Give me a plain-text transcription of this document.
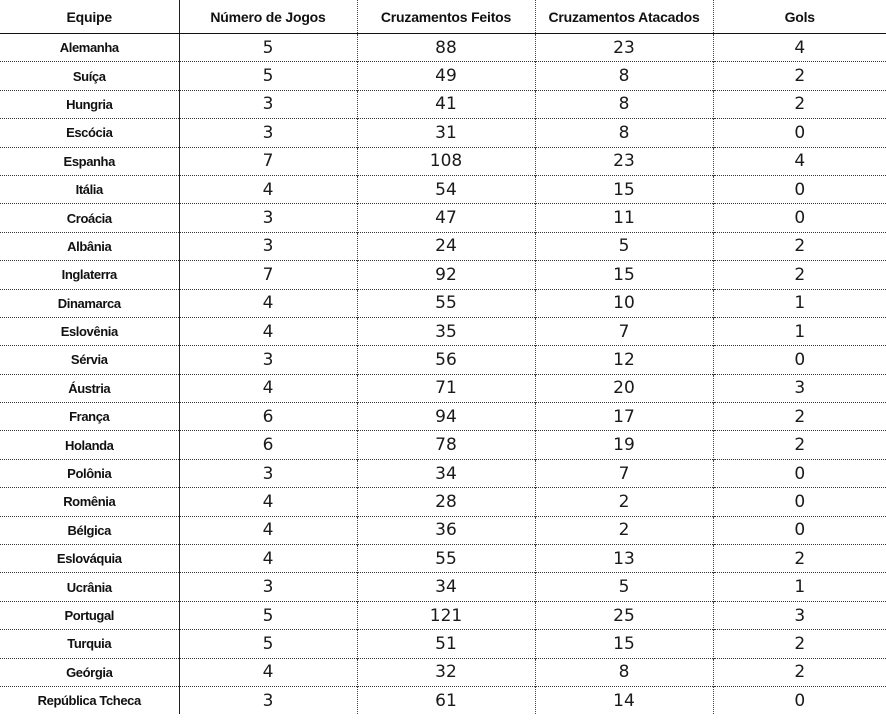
Equipe	Número de Jogos	Cruzamentos Feitos	Cruzamentos Atacados	Gols
Alemanha	5	88	23	4
Suíça	5	49	8	2
Hungria	3	41	8	2
Escócia	3	31	8	0
Espanha	7	108	23	4
Itália	4	54	15	0
Croácia	3	47	11	0
Albânia	3	24	5	2
Inglaterra	7	92	15	2
Dinamarca	4	55	10	1
Eslovênia	4	35	7	1
Sérvia	3	56	12	0
Áustria	4	71	20	3
França	6	94	17	2
Holanda	6	78	19	2
Polônia	3	34	7	0
Romênia	4	28	2	0
Bélgica	4	36	2	0
Eslováquia	4	55	13	2
Ucrânia	3	34	5	1
Portugal	5	121	25	3
Turquia	5	51	15	2
Geórgia	4	32	8	2
República Tcheca	3	61	14	0
